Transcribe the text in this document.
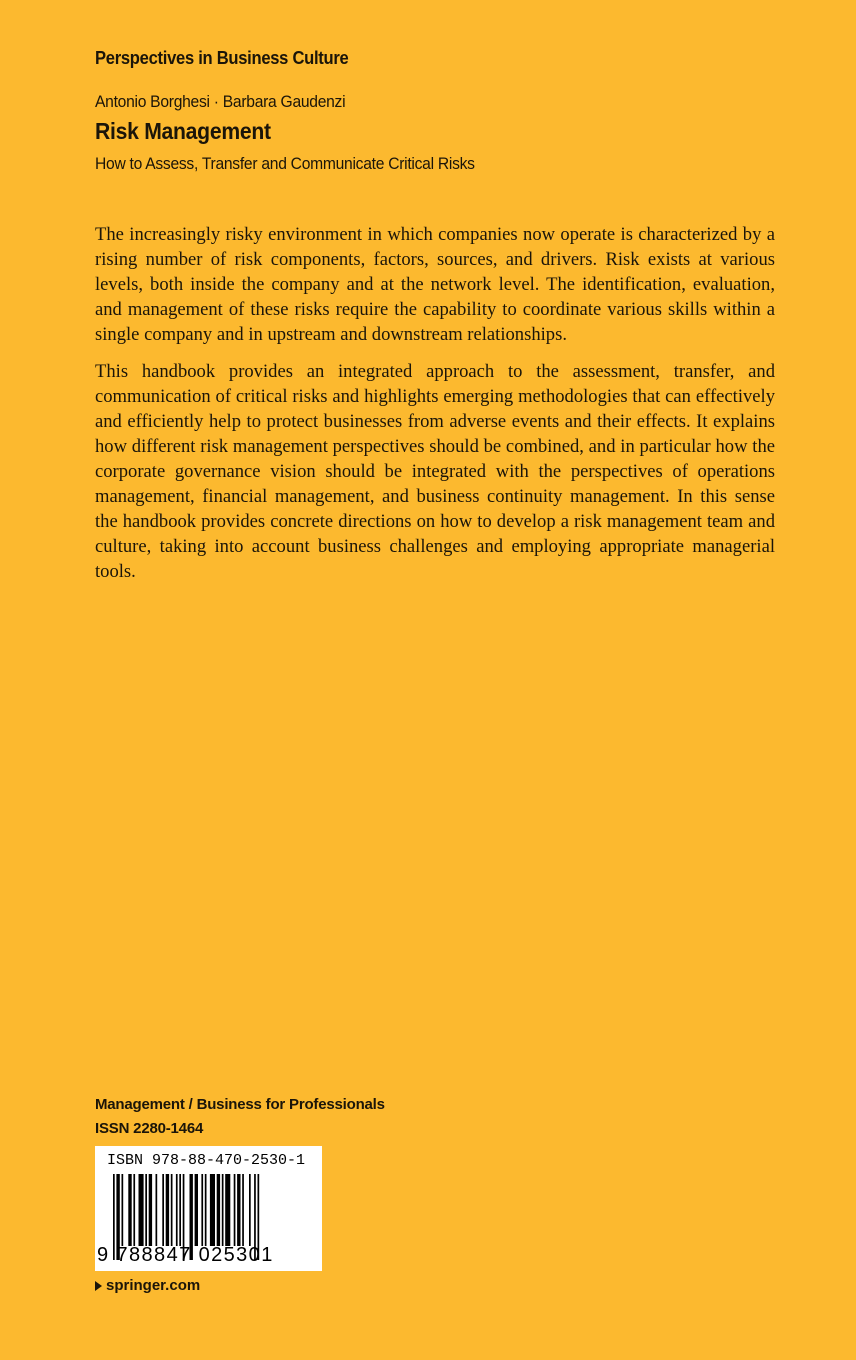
Perspectives in Business Culture
Antonio Borghesi · Barbara Gaudenzi
Risk Management
How to Assess, Transfer and Communicate Critical Risks

The increasingly risky environment in which companies now operate is characterized by a rising number of risk components, factors, sources, and drivers. Risk exists at various levels, both inside the company and at the network level. The identification, evaluation, and management of these risks require the capability to coordinate various skills within a single company and in upstream and downstream relationships.

This handbook provides an integrated approach to the assessment, transfer, and communication of critical risks and highlights emerging methodologies that can effectively and efficiently help to protect businesses from adverse events and their effects. It explains how different risk management perspectives should be combined, and in particular how the corporate governance vision should be integrated with the perspectives of operations management, financial management, and business continuity management. In this sense the handbook provides concrete directions on how to develop a risk management team and culture, taking into account business challenges and employing appropriate managerial tools.

Management / Business for Professionals
ISSN 2280-1464
ISBN 978-88-470-2530-1
9 788847 025301
springer.com
